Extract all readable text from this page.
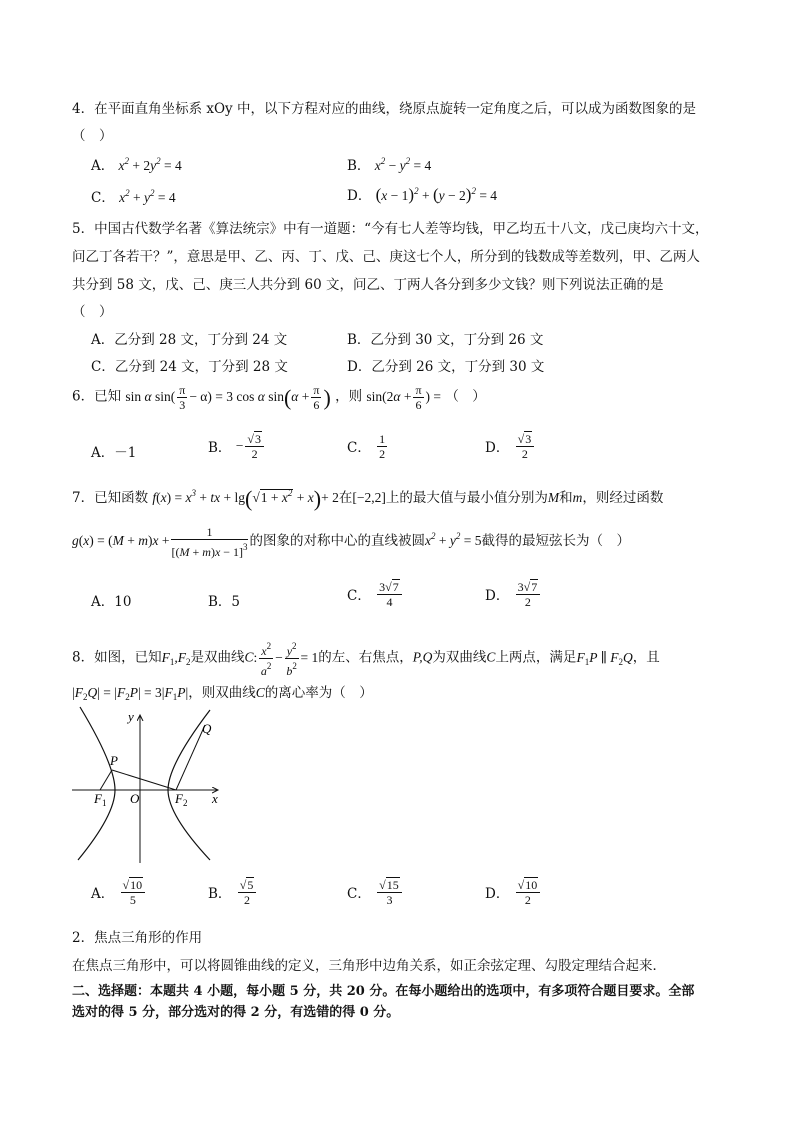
4．在平面直角坐标系 xOy 中，以下方程对应的曲线，绕原点旋转一定角度之后，可以成为函数图象的是
（　）
A． $x^2 + 2y^2 = 4$	B． $x^2 - y^2 = 4$
C． $x^2 + y^2 = 4$	D． $(x - 1)^2 + (y - 2)^2 = 4$
5．中国古代数学名著《算法统宗》中有一道题：“今有七人差等均钱，甲乙均五十八文，戊己庚均六十文，
问乙丁各若干？”，意思是甲、乙、丙、丁、戊、己、庚这七个人，所分到的钱数成等差数列，甲、乙两人
共分到 58 文，戊、己、庚三人共分到 60 文，问乙、丁两人各分到多少文钱？则下列说法正确的是
（　）
A．乙分到 28 文，丁分到 24 文	B．乙分到 30 文，丁分到 26 文
C．乙分到 24 文，丁分到 28 文	D．乙分到 26 文，丁分到 30 文
6．已知 sin α $\sin( \frac{\pi}{3} - \alpha) = 3$ cos α $\sin(\alpha + \frac{\pi}{6}$ ) ，则 $\sin(2\alpha + \frac{\pi}{6}$ ) = （　）
A．－1	B． − $\frac{√3}{2}$	C． $\frac{1}{2}$	D． $\frac{√3}{2}$
7．已知函数 $f(x) = x^3$ + tx + $\lg(√1 + x^2 + x)+ 2$在[−2,2]上的最大值与最小值分别为M和m，则经过函数
$g(x) = (M + m)x + \frac{1}{[(M + m)x - 1]^3}$ 的图象的对称中心的直线被圆$x^2 + y^2 = 5$截得的最短弦长为（　）
A．10	B．5	C． $\frac{3√7}{4}$	D． $\frac{3√7}{2}$
8．如图，已知$F_1,F_2$是双曲线C: $\frac{x^2}{a^2} - \frac{y^2}{b^2} = 1$的左、右焦点，P,Q为双曲线C上两点，满足$F_1P$ ∥ $F_2Q$，且
$|F_2Q| = |F_2P| = 3|F_1P|$，则双曲线C的离心率为（　）
y
x
O
P
Q
$F_1$	$F_2$
A． $\frac{√10}{5}$	B． $\frac{√5}{2}$	C． $\frac{√15}{3}$	D． $\frac{√10}{2}$
2．焦点三角形的作用
在焦点三角形中，可以将圆锥曲线的定义，三角形中边角关系，如正余弦定理、勾股定理结合起来．
二、选择题：本题共 4 小题，每小题 5 分，共 20 分。在每小题给出的选项中，有多项符合题目要求。全部
选对的得 5 分，部分选对的得 2 分，有选错的得 0 分。
